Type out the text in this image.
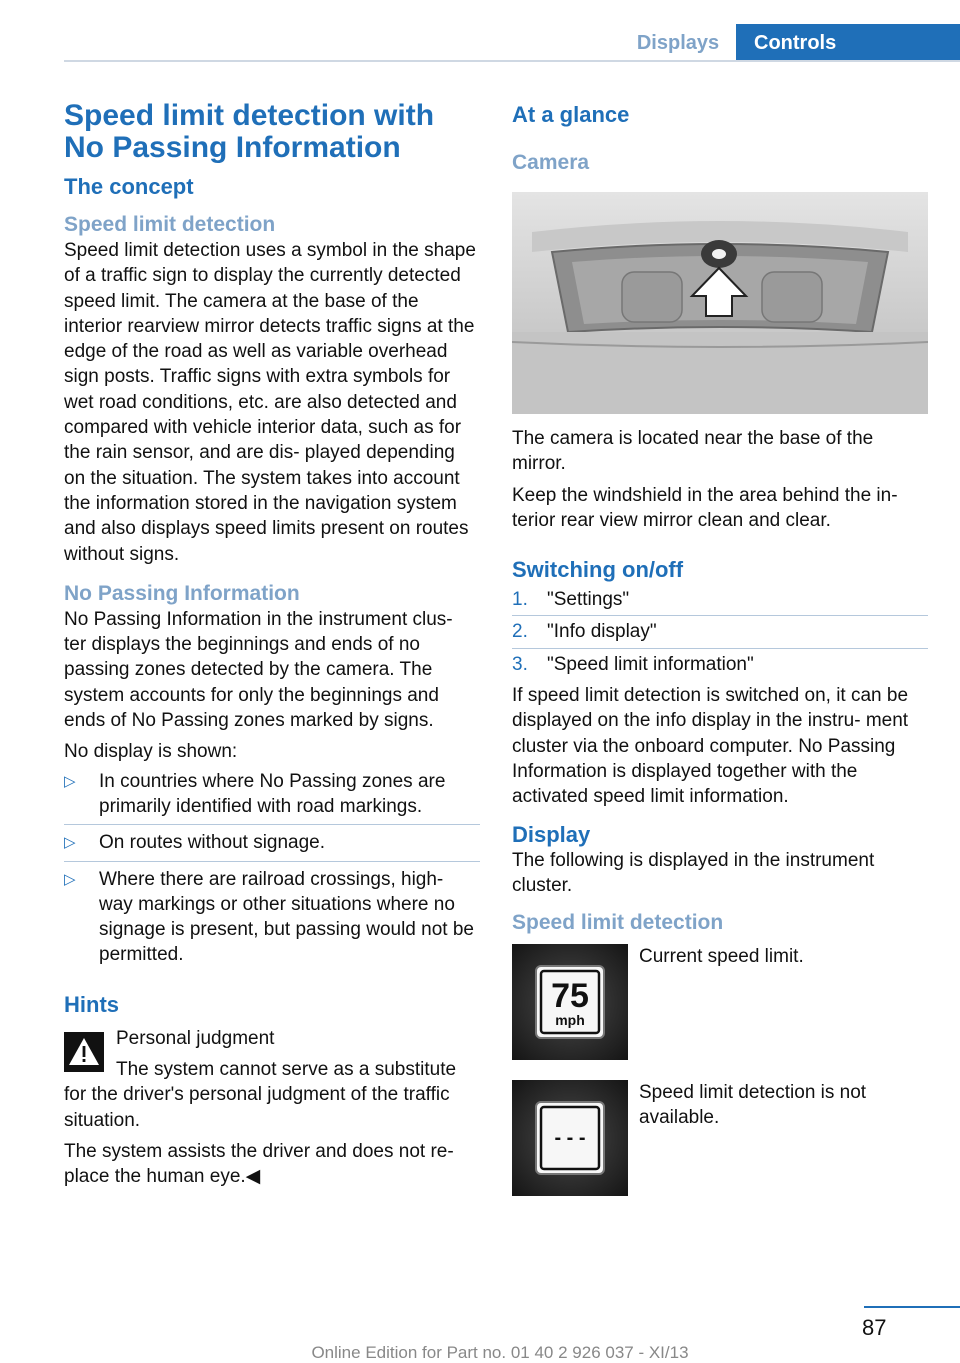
Displays	Controls
Speed limit detection with No Passing Information
The concept
Speed limit detection

Speed limit detection uses a symbol in the shape of a traffic sign to display the currently detected speed limit. The camera at the base of the interior rearview mirror detects traffic signs at the edge of the road as well as variable overhead sign posts. Traffic signs with extra symbols for wet road conditions, etc. are also detected and compared with vehicle interior data, such as for the rain sensor, and are dis‐ played depending on the situation. The system takes into account the information stored in the navigation system and also displays speed limits present on routes without signs.

No Passing Information

No Passing Information in the instrument clus‐ ter displays the beginnings and ends of no passing zones detected by the camera. The system accounts for only the beginnings and ends of No Passing zones marked by signs.

No display is shown:

▷ In countries where No Passing zones are primarily identified with road markings.
▷ On routes without signage.
▷ Where there are railroad crossings, high‐ way markings or other situations where no signage is present, but passing would not be permitted.
Hints

Personal judgment

The system cannot serve as a substitute for the driver's personal judgment of the traffic situation.

The system assists the driver and does not re‐ place the human eye.◀

At a glance
Camera

The camera is located near the base of the mirror.

Keep the windshield in the area behind the in‐ terior rear view mirror clean and clear.

Switching on/off
1. "Settings"
2. "Info display"
3. "Speed limit information"

If speed limit detection is switched on, it can be displayed on the info display in the instru‐ ment cluster via the onboard computer. No Passing Information is displayed together with the activated speed limit information.

Display

The following is displayed in the instrument cluster.

Speed limit detection
75
mph

Current speed limit.

- - -

Speed limit detection is not available.

87
Online Edition for Part no. 01 40 2 926 037 - XI/13
